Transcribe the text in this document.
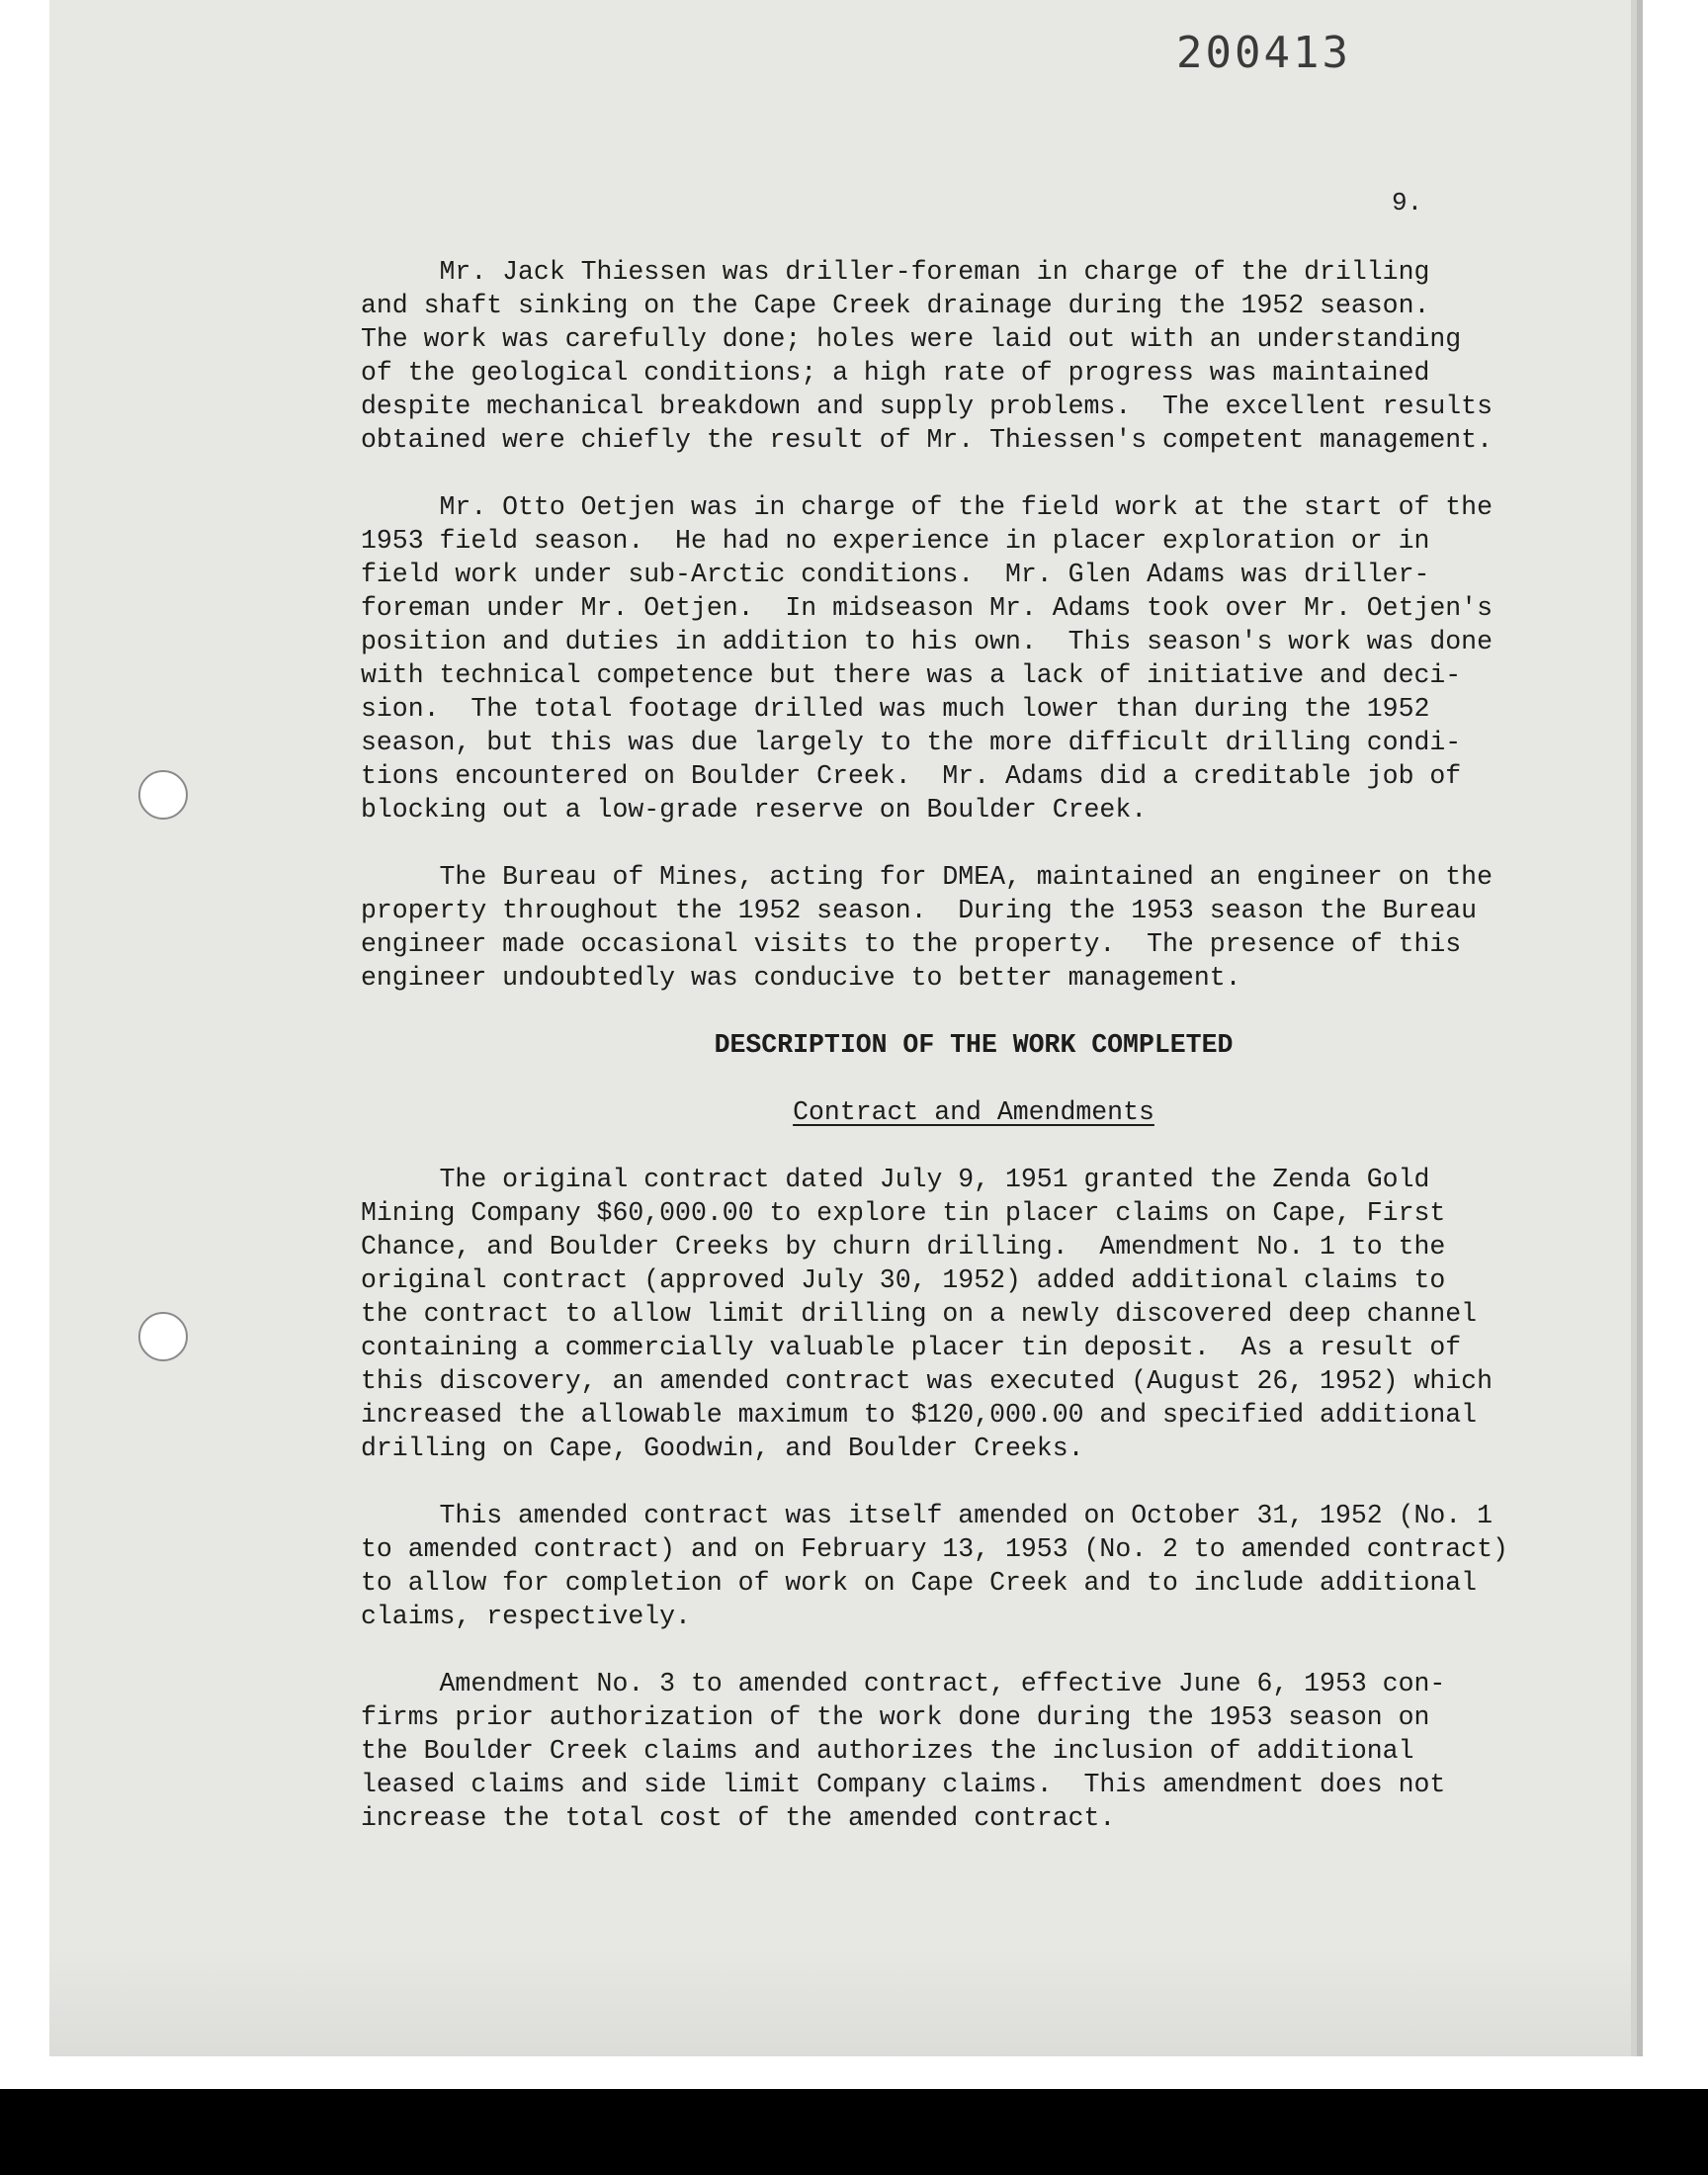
200413
9.

Mr. Jack Thiessen was driller-foreman in charge of the drilling
and shaft sinking on the Cape Creek drainage during the 1952 season.
The work was carefully done; holes were laid out with an understanding
of the geological conditions; a high rate of progress was maintained
despite mechanical breakdown and supply problems.  The excellent results
obtained were chiefly the result of Mr. Thiessen's competent management.

Mr. Otto Oetjen was in charge of the field work at the start of the
1953 field season.  He had no experience in placer exploration or in
field work under sub-Arctic conditions.  Mr. Glen Adams was driller-
foreman under Mr. Oetjen.  In midseason Mr. Adams took over Mr. Oetjen's
position and duties in addition to his own.  This season's work was done
with technical competence but there was a lack of initiative and deci-
sion.  The total footage drilled was much lower than during the 1952
season, but this was due largely to the more difficult drilling condi-
tions encountered on Boulder Creek.  Mr. Adams did a creditable job of
blocking out a low-grade reserve on Boulder Creek.

The Bureau of Mines, acting for DMEA, maintained an engineer on the
property throughout the 1952 season.  During the 1953 season the Bureau
engineer made occasional visits to the property.  The presence of this
engineer undoubtedly was conducive to better management.

DESCRIPTION OF THE WORK COMPLETED
Contract and Amendments

The original contract dated July 9, 1951 granted the Zenda Gold
Mining Company $60,000.00 to explore tin placer claims on Cape, First
Chance, and Boulder Creeks by churn drilling.  Amendment No. 1 to the
original contract (approved July 30, 1952) added additional claims to
the contract to allow limit drilling on a newly discovered deep channel
containing a commercially valuable placer tin deposit.  As a result of
this discovery, an amended contract was executed (August 26, 1952) which
increased the allowable maximum to $120,000.00 and specified additional
drilling on Cape, Goodwin, and Boulder Creeks.

This amended contract was itself amended on October 31, 1952 (No. 1
to amended contract) and on February 13, 1953 (No. 2 to amended contract)
to allow for completion of work on Cape Creek and to include additional
claims, respectively.

Amendment No. 3 to amended contract, effective June 6, 1953 con-
firms prior authorization of the work done during the 1953 season on
the Boulder Creek claims and authorizes the inclusion of additional
leased claims and side limit Company claims.  This amendment does not
increase the total cost of the amended contract.
